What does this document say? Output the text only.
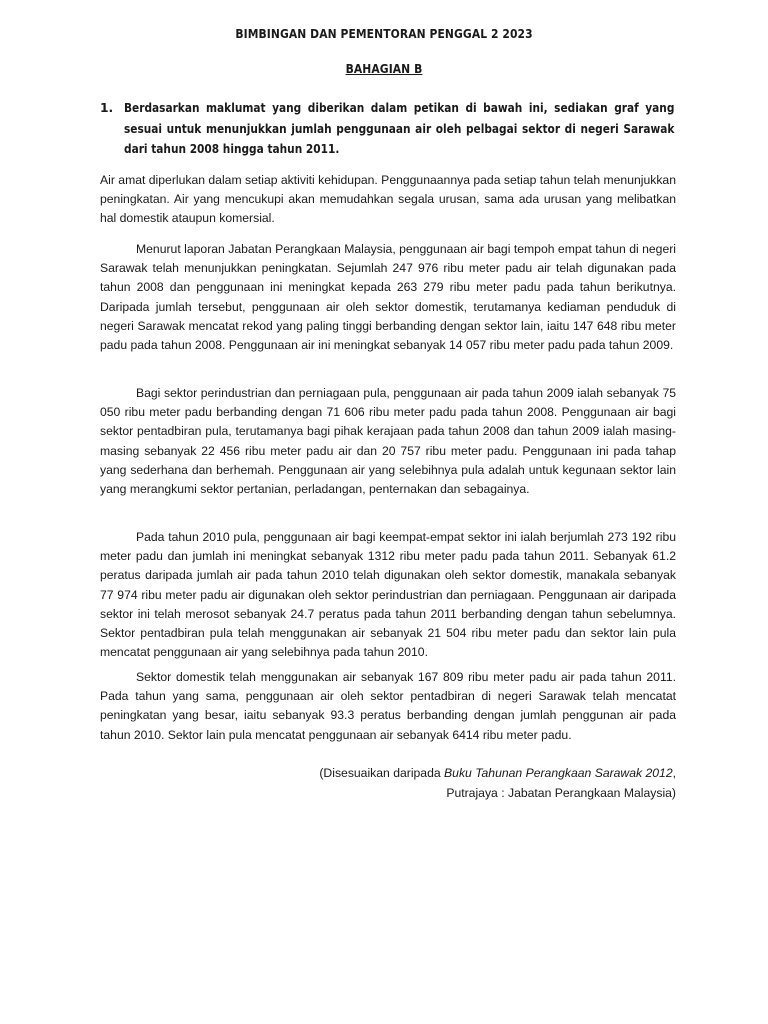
BIMBINGAN DAN PEMENTORAN PENGGAL 2 2023
BAHAGIAN B
1. Berdasarkan maklumat yang diberikan dalam petikan di bawah ini, sediakan graf yang sesuai untuk menunjukkan jumlah penggunaan air oleh pelbagai sektor di negeri Sarawak dari tahun 2008 hingga tahun 2011.

Air amat diperlukan dalam setiap aktiviti kehidupan. Penggunaannya pada setiap tahun telah menunjukkan peningkatan. Air yang mencukupi akan memudahkan segala urusan, sama ada urusan yang melibatkan hal domestik ataupun komersial.

Menurut laporan Jabatan Perangkaan Malaysia, penggunaan air bagi tempoh empat tahun di negeri Sarawak telah menunjukkan peningkatan. Sejumlah 247 976 ribu meter padu air telah digunakan pada tahun 2008 dan penggunaan ini meningkat kepada 263 279 ribu meter padu pada tahun berikutnya. Daripada jumlah tersebut, penggunaan air oleh sektor domestik, terutamanya kediaman penduduk di negeri Sarawak mencatat rekod yang paling tinggi berbanding dengan sektor lain, iaitu 147 648 ribu meter padu pada tahun 2008. Penggunaan air ini meningkat sebanyak 14 057 ribu meter padu pada tahun 2009.

Bagi sektor perindustrian dan perniagaan pula, penggunaan air pada tahun 2009 ialah sebanyak 75 050 ribu meter padu berbanding dengan 71 606 ribu meter padu pada tahun 2008. Penggunaan air bagi sektor pentadbiran pula, terutamanya bagi pihak kerajaan pada tahun 2008 dan tahun 2009 ialah masing-masing sebanyak 22 456 ribu meter padu air dan 20 757 ribu meter padu. Penggunaan ini pada tahap yang sederhana dan berhemah. Penggunaan air yang selebihnya pula adalah untuk kegunaan sektor lain yang merangkumi sektor pertanian, perladangan, penternakan dan sebagainya.

Pada tahun 2010 pula, penggunaan air bagi keempat-empat sektor ini ialah berjumlah 273 192 ribu meter padu dan jumlah ini meningkat sebanyak 1312 ribu meter padu pada tahun 2011. Sebanyak 61.2 peratus daripada jumlah air pada tahun 2010 telah digunakan oleh sektor domestik, manakala sebanyak 77 974 ribu meter padu air digunakan oleh sektor perindustrian dan perniagaan. Penggunaan air daripada sektor ini telah merosot sebanyak 24.7 peratus pada tahun 2011 berbanding dengan tahun sebelumnya. Sektor pentadbiran pula telah menggunakan air sebanyak 21 504 ribu meter padu dan sektor lain pula mencatat penggunaan air yang selebihnya pada tahun 2010.

Sektor domestik telah menggunakan air sebanyak 167 809 ribu meter padu air pada tahun 2011. Pada tahun yang sama, penggunaan air oleh sektor pentadbiran di negeri Sarawak telah mencatat peningkatan yang besar, iaitu sebanyak 93.3 peratus berbanding dengan jumlah penggunan air pada tahun 2010. Sektor lain pula mencatat penggunaan air sebanyak 6414 ribu meter padu.

(Disesuaikan daripada Buku Tahunan Perangkaan Sarawak 2012,
Putrajaya : Jabatan Perangkaan Malaysia)
